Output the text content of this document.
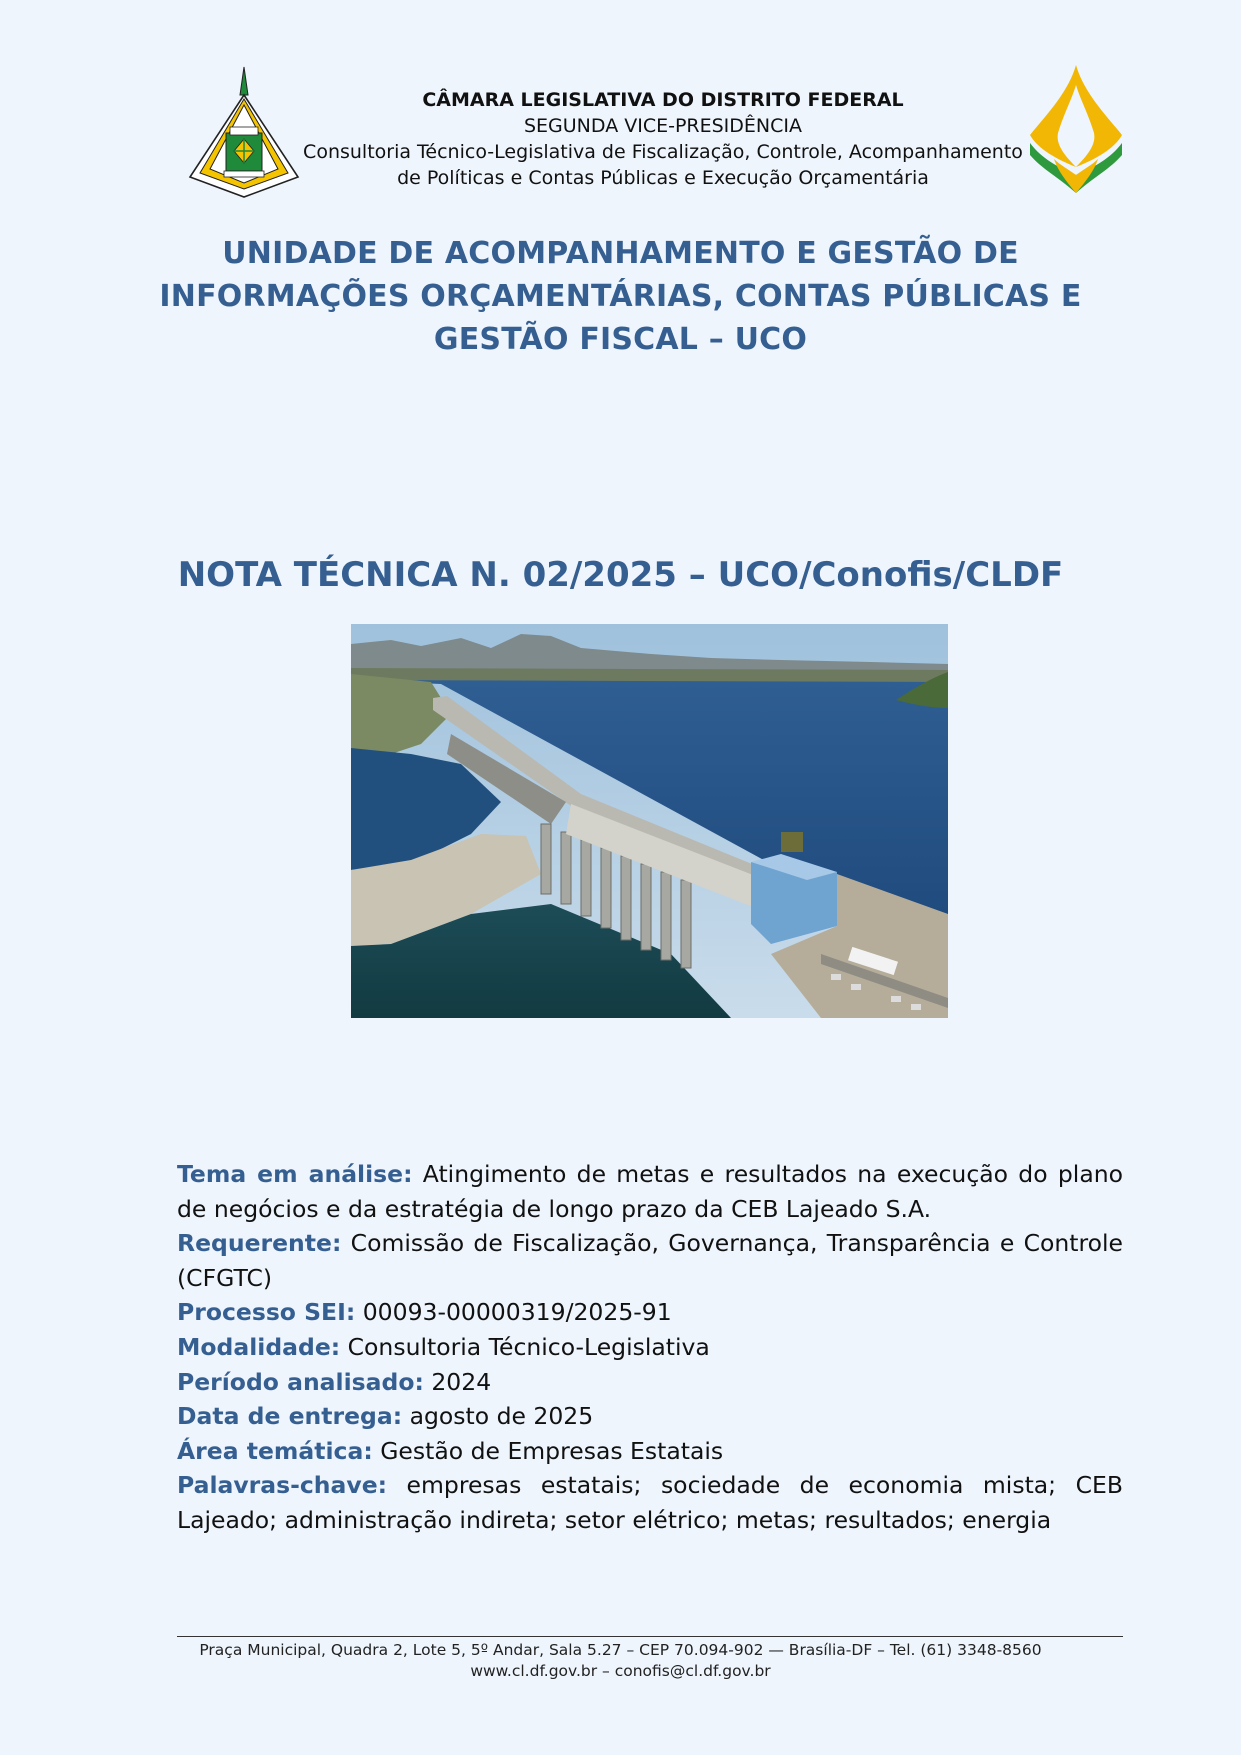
CÂMARA LEGISLATIVA DO DISTRITO FEDERAL
SEGUNDA VICE-PRESIDÊNCIA
Consultoria Técnico-Legislativa de Fiscalização, Controle, Acompanhamento
de Políticas e Contas Públicas e Execução Orçamentária
UNIDADE DE ACOMPANHAMENTO E GESTÃO DE
INFORMAÇÕES ORÇAMENTÁRIAS, CONTAS PÚBLICAS E
GESTÃO FISCAL – UCO
NOTA TÉCNICA N. 02/2025 – UCO/Conofis/CLDF

Tema em análise: Atingimento de metas e resultados na execução do plano de negócios e da estratégia de longo prazo da CEB Lajeado S.A.

Requerente: Comissão de Fiscalização, Governança, Transparência e Controle (CFGTC)

Processo SEI: 00093-00000319/2025-91

Modalidade: Consultoria Técnico-Legislativa

Período analisado: 2024

Data de entrega: agosto de 2025

Área temática: Gestão de Empresas Estatais

Palavras-chave: empresas estatais; sociedade de economia mista; CEB Lajeado; administração indireta; setor elétrico; metas; resultados; energia

Praça Municipal, Quadra 2, Lote 5, 5º Andar, Sala 5.27 – CEP 70.094-902 — Brasília-DF – Tel. (61) 3348-8560
www.cl.df.gov.br – conofis@cl.df.gov.br
